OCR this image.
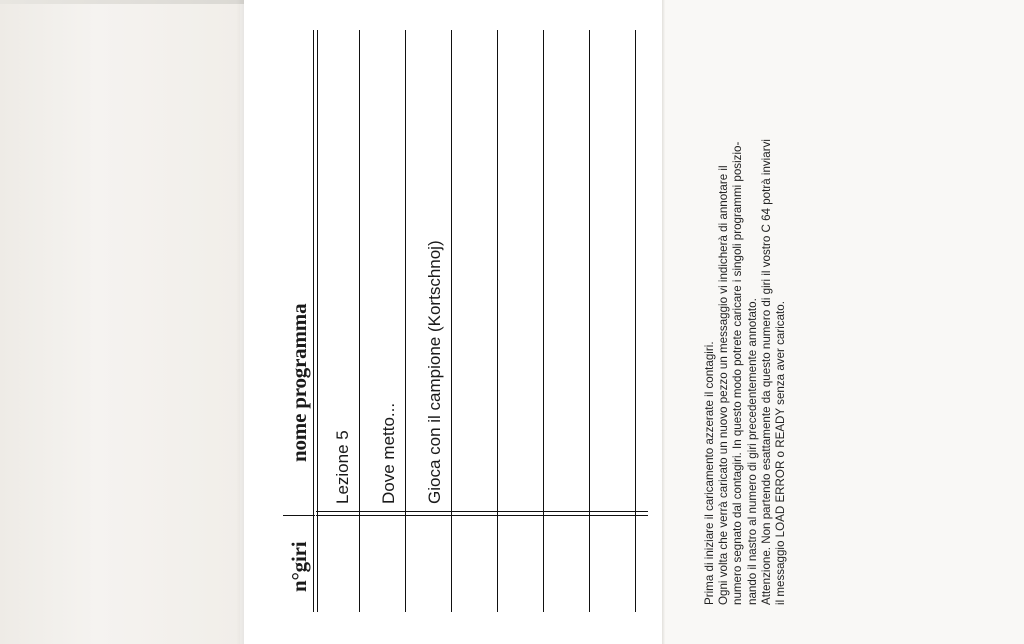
n°giri
nome programma
Lezione 5 Dove metto... Gioca con il campione (Kortschnoj)	Prima di iniziare il caricamento azzerate il contagiri. Ogni volta che verrà caricato un nuovo pezzo un messaggio vi indicherà di annotare il numero segnato dal contagiri. In questo modo potrete caricare i singoli programmi posizio- nando il nastro al numero di giri precedentemente annotato. Attenzione. Non partendo esattamente da questo numero di giri il vostro C 64 potrà inviarvi il messaggio LOAD ERROR o READY senza aver caricato.
